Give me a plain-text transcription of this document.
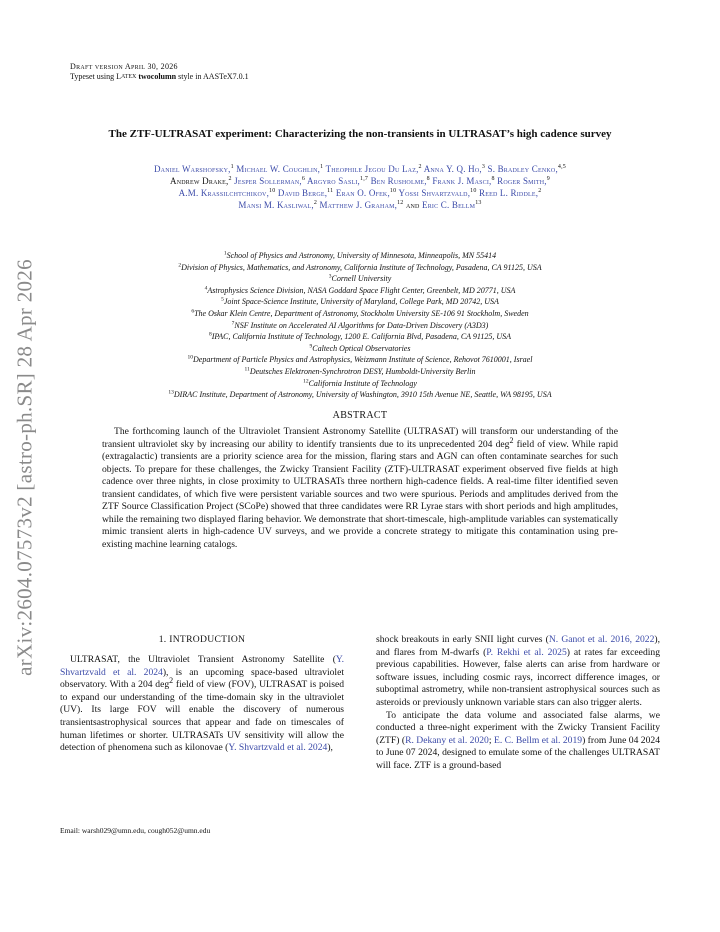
arXiv:2604.07573v2 [astro-ph.SR] 28 Apr 2026
Draft version April 30, 2026
Typeset using LATEX twocolumn style in AASTeX7.0.1
The ZTF-ULTRASAT experiment: Characterizing the non-transients in ULTRASAT’s high cadence survey
Daniel Warshofsky,$^1$ Michael W. Coughlin,$^1$ Theophile Jegou Du Laz,$^2$ Anna Y. Q. Ho,$^3$ S. Bradley Cenko,$^{4,5}$
Andrew Drake,$^2$ Jesper Sollerman,$^6$ Argyro Sasli,$^{1,7}$ Ben Rusholme,$^8$ Frank J. Masci,$^8$ Roger Smith,$^9$
A.M. Krassilchtchikov,$^{10}$ David Berge,$^{11}$ Eran O. Ofek,$^{10}$ Yossi Shvartzvald,$^{10}$ Reed L. Riddle,$^2$
Mansi M. Kasliwal,$^2$ Matthew J. Graham,$^{12}$ and Eric C. Bellm$^{13}$
$^1$School of Physics and Astronomy, University of Minnesota, Minneapolis, MN 55414
$^2$Division of Physics, Mathematics, and Astronomy, California Institute of Technology, Pasadena, CA 91125, USA
$^3$Cornell University
$^4$Astrophysics Science Division, NASA Goddard Space Flight Center, Greenbelt, MD 20771, USA
$^5$Joint Space-Science Institute, University of Maryland, College Park, MD 20742, USA
$^6$The Oskar Klein Centre, Department of Astronomy, Stockholm University SE-106 91 Stockholm, Sweden
$^7$NSF Institute on Accelerated AI Algorithms for Data-Driven Discovery (A3D3)
$^8$IPAC, California Institute of Technology, 1200 E. California Blvd, Pasadena, CA 91125, USA
$^9$Caltech Optical Observatories
$^{10}$Department of Particle Physics and Astrophysics, Weizmann Institute of Science, Rehovot 7610001, Israel
$^{11}$Deutsches Elektronen-Synchrotron DESY, Humboldt-University Berlin
$^{12}$California Institute of Technology
$^{13}$DIRAC Institute, Department of Astronomy, University of Washington, 3910 15th Avenue NE, Seattle, WA 98195, USA
ABSTRACT
The forthcoming launch of the Ultraviolet Transient Astronomy Satellite (ULTRASAT) will transform our understanding of the transient ultraviolet sky by increasing our ability to identify transients due to its unprecedented 204 deg$^2$ field of view. While rapid (extragalactic) transients are a priority science area for the mission, flaring stars and AGN can often contaminate searches for such objects. To prepare for these challenges, the Zwicky Transient Facility (ZTF)-ULTRASAT experiment observed five fields at high cadence over three nights, in close proximity to ULTRASATs three northern high-cadence fields. A real-time filter identified seven transient candidates, of which five were persistent variable sources and two were spurious. Periods and amplitudes derived from the ZTF Source Classification Project (SCoPe) showed that three candidates were RR Lyrae stars with short periods and high amplitudes, while the remaining two displayed flaring behavior. We demonstrate that short-timescale, high-amplitude variables can systematically mimic transient alerts in high-cadence UV surveys, and we provide a concrete strategy to mitigate this contamination using pre-existing machine learning catalogs.
1. INTRODUCTION

ULTRASAT, the Ultraviolet Transient Astronomy Satellite (Y. Shvartzvald et al. 2024), is an upcoming space-based ultraviolet observatory. With a 204 deg$^2$ field of view (FOV), ULTRASAT is poised to expand our understanding of the time-domain sky in the ultraviolet (UV). Its large FOV will enable the discovery of numerous transientsastrophysical sources that appear and fade on timescales of human lifetimes or shorter. ULTRASATs UV sensitivity will allow the detection of phenomena such as kilonovae (Y. Shvartzvald et al. 2024),

shock breakouts in early SNII light curves (N. Ganot et al. 2016, 2022), and flares from M-dwarfs (P. Rekhi et al. 2025) at rates far exceeding previous capabilities. However, false alerts can arise from hardware or software issues, including cosmic rays, incorrect difference images, or suboptimal astrometry, while non-transient astrophysical sources such as asteroids or previously unknown variable stars can also trigger alerts.

To anticipate the data volume and associated false alarms, we conducted a three-night experiment with the Zwicky Transient Facility (ZTF) (R. Dekany et al. 2020; E. C. Bellm et al. 2019) from June 04 2024 to June 07 2024, designed to emulate some of the challenges ULTRASAT will face. ZTF is a ground-based

Email: warsh029@umn.edu, cough052@umn.edu
